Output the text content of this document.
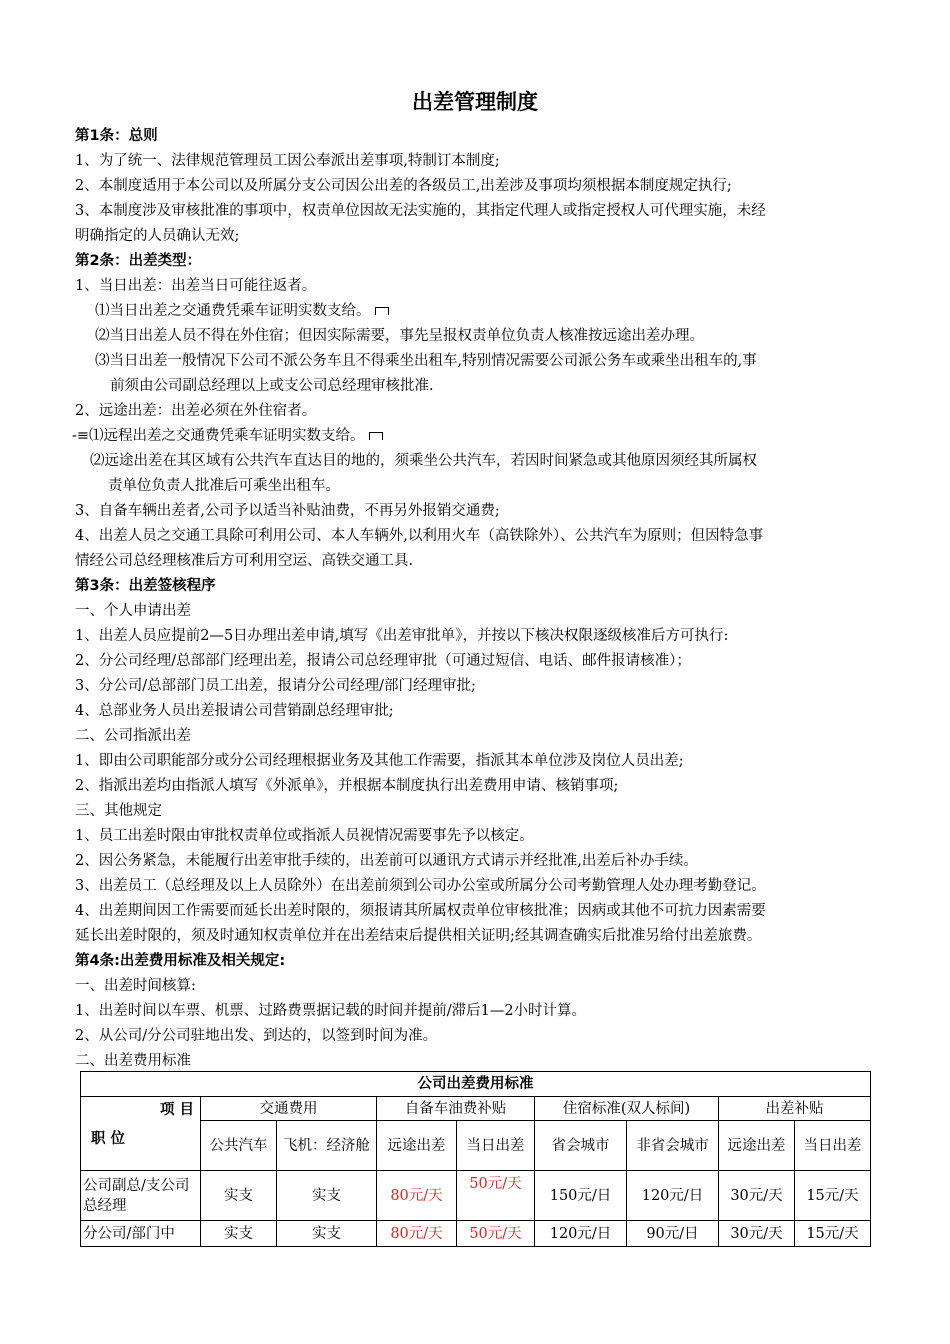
出差管理制度
第1条：总则
1、为了统一、法律规范管理员工因公奉派出差事项,特制订本制度;
2、本制度适用于本公司以及所属分支公司因公出差的各级员工,出差涉及事项均须根据本制度规定执行;
3、本制度涉及审核批准的事项中，权责单位因故无法实施的，其指定代理人或指定授权人可代理实施，未经
明确指定的人员确认无效;
第2条：出差类型：
1、当日出差：出差当日可能往返者。
⑴当日出差之交通费凭乘车证明实数支给。
⑵当日出差人员不得在外住宿；但因实际需要，事先呈报权责单位负责人核准按远途出差办理。
⑶当日出差一般情况下公司不派公务车且不得乘坐出租车,特别情况需要公司派公务车或乘坐出租车的,事
前须由公司副总经理以上或支公司总经理审核批准.
2、远途出差：出差必须在外住宿者。
-≡⑴远程出差之交通费凭乘车证明实数支给。
⑵远途出差在其区域有公共汽车直达目的地的，须乘坐公共汽车，若因时间紧急或其他原因须经其所属权
责单位负责人批准后可乘坐出租车。
3、自备车辆出差者,公司予以适当补贴油费，不再另外报销交通费;
4、出差人员之交通工具除可利用公司、本人车辆外,以利用火车（高铁除外）、公共汽车为原则；但因特急事
情经公司总经理核准后方可利用空运、高铁交通工具.
第3条：出差签核程序
一、个人申请出差
1、出差人员应提前2—5日办理出差申请,填写《出差审批单》，并按以下核决权限逐级核准后方可执行:
2、分公司经理/总部部门经理出差，报请公司总经理审批（可通过短信、电话、邮件报请核准）；
3、分公司/总部部门员工出差，报请分公司经理/部门经理审批;
4、总部业务人员出差报请公司营销副总经理审批;
二、公司指派出差
1、即由公司职能部分或分公司经理根据业务及其他工作需要，指派其本单位涉及岗位人员出差;
2、指派出差均由指派人填写《外派单》，并根据本制度执行出差费用申请、核销事项;
三、其他规定
1、员工出差时限由审批权责单位或指派人员视情况需要事先予以核定。
2、因公务紧急，未能履行出差审批手续的，出差前可以通讯方式请示并经批准,出差后补办手续。
3、出差员工（总经理及以上人员除外）在出差前须到公司办公室或所属分公司考勤管理人处办理考勤登记。
4、出差期间因工作需要而延长出差时限的，须报请其所属权责单位审核批准；因病或其他不可抗力因素需要
延长出差时限的，须及时通知权责单位并在出差结束后提供相关证明;经其调查确实后批准另给付出差旅费。
第4条:出差费用标准及相关规定:
一、出差时间核算:
1、出差时间以车票、机票、过路费票据记载的时间并提前/滞后1—2小时计算。
2、从公司/分公司驻地出发、到达的，以签到时间为准。
二、出差费用标准
公司出差费用标准								

项 目
职 位	交通费用		自备车油费补贴		住宿标准(双人标间)		出差补贴	
	公共汽车	飞机：经济舱	远途出差	当日出差	省会城市	非省会城市	远途出差	当日出差
公司副总/支公司总经理	实支	实支	80元/天	50元/天	150元/日	120元/日	30元/天	15元/天
分公司/部门中	实支	实支	80元/天	50元/天	120元/日	90元/日	30元/天	15元/天
